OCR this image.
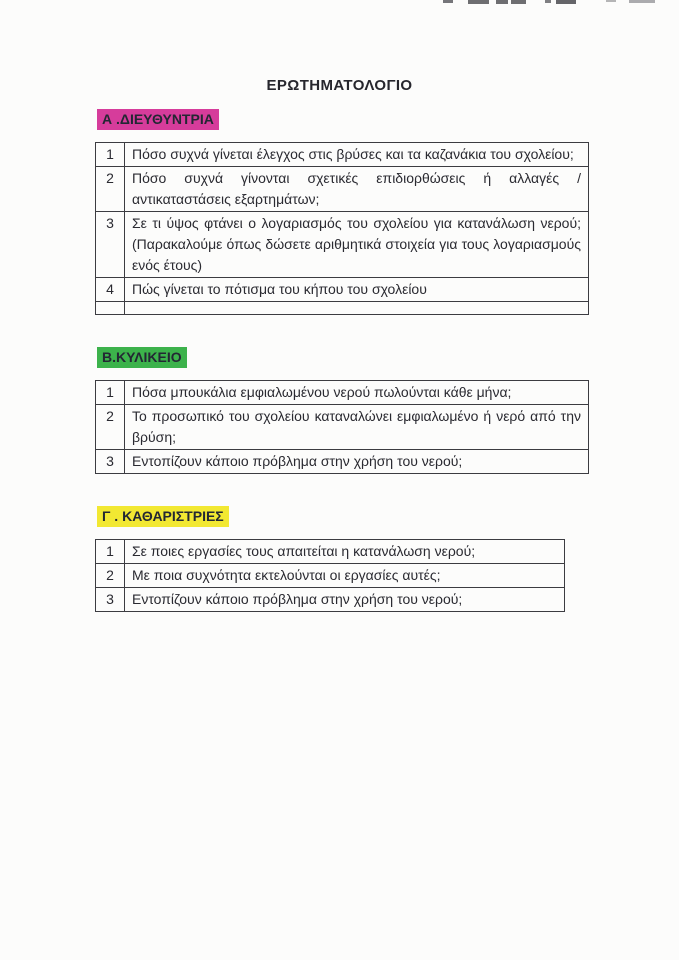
ΕΡΩΤΗΜΑΤΟΛΟΓΙΟ
Α .ΔΙΕΥΘΥΝΤΡΙΑ
1	Πόσο συχνά γίνεται έλεγχος στις βρύσες και τα καζανάκια του σχολείου;
2	Πόσο συχνά γίνονται σχετικές επιδιορθώσεις ή αλλαγές /αντικαταστάσεις εξαρτημάτων;
3	Σε τι ύψος φτάνει ο λογαριασμός του σχολείου για κατανάλωση νερού; (Παρακαλούμε όπως δώσετε αριθμητικά στοιχεία για τους λογαριασμούς ενός έτους)
4	Πώς γίνεται το πότισμα του κήπου του σχολείου

Β.ΚΥΛΙΚΕΙΟ
1	Πόσα μπουκάλια εμφιαλωμένου νερού πωλούνται κάθε μήνα;
2	Το προσωπικό του σχολείου καταναλώνει εμφιαλωμένο ή νερό από την βρύση;
3	Εντοπίζουν κάποιο πρόβλημα στην χρήση του νερού;
Γ . ΚΑΘΑΡΙΣΤΡΙΕΣ
1	Σε ποιες εργασίες τους απαιτείται η κατανάλωση νερού;
2	Με ποια συχνότητα εκτελούνται οι εργασίες αυτές;
3	Εντοπίζουν κάποιο πρόβλημα στην χρήση του νερού;
